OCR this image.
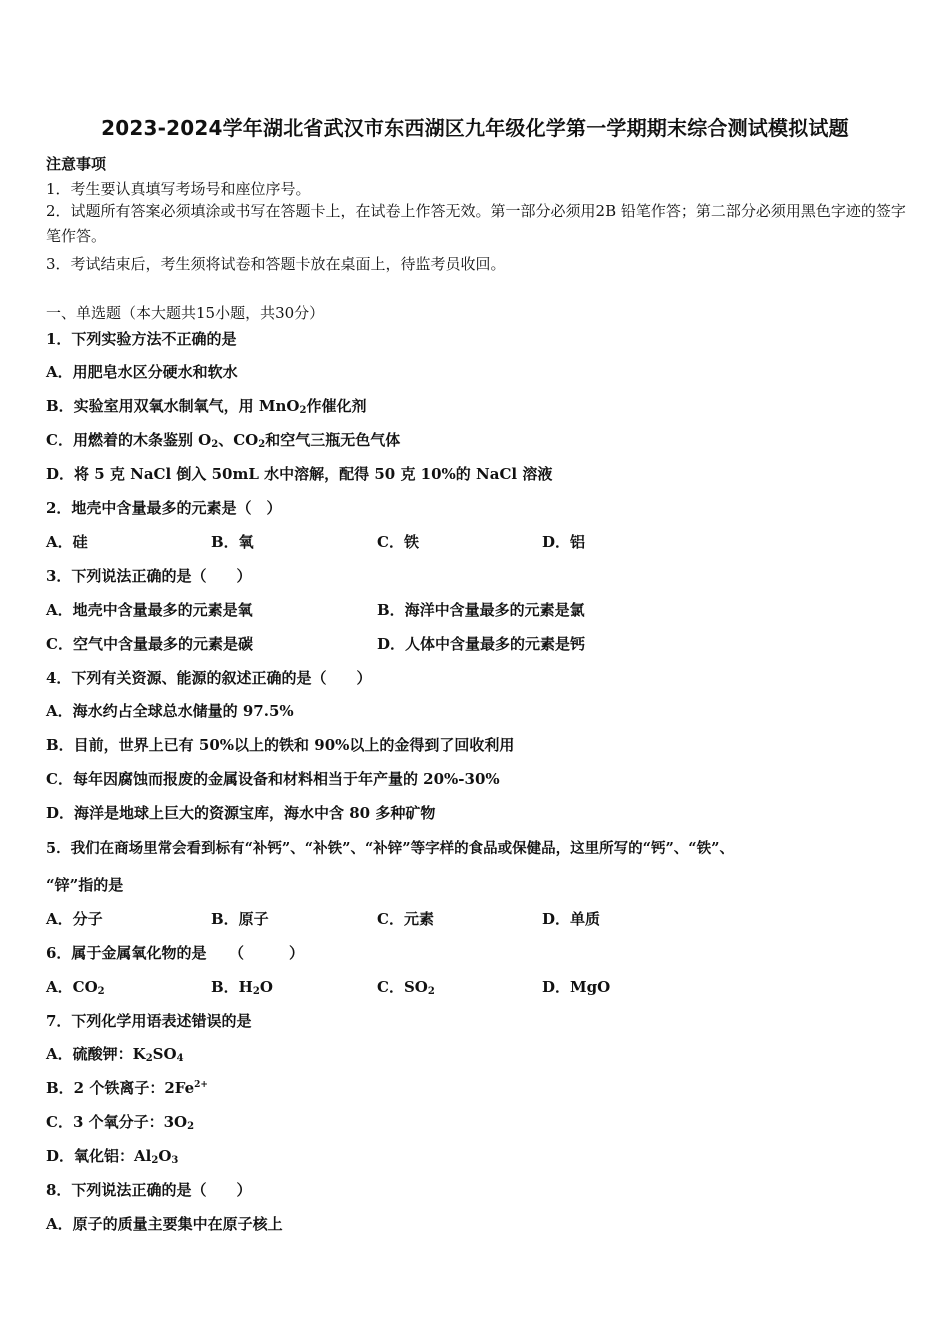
2023-2024学年湖北省武汉市东西湖区九年级化学第一学期期末综合测试模拟试题
注意事项
1．考生要认真填写考场号和座位序号。
2．试题所有答案必须填涂或书写在答题卡上，在试卷上作答无效。第一部分必须用2B 铅笔作答；第二部分必须用黑色字迹的签字笔作答。
3．考试结束后，考生须将试卷和答题卡放在桌面上，待监考员收回。
一、单选题（本大题共15小题，共30分）
1．下列实验方法不正确的是
A．用肥皂水区分硬水和软水
B．实验室用双氧水制氧气，用 MnO$_2$作催化剂
C．用燃着的木条鉴别 $O_2$、$CO_2$和空气三瓶无色气体
D．将 5 克 NaCl 倒入 50mL 水中溶解，配得 50 克 10%的 NaCl 溶液
2．地壳中含量最多的元素是（　）
A．硅	B．氧	C．铁	D．铝
3．下列说法正确的是（　　）
A．地壳中含量最多的元素是氧	B．海洋中含量最多的元素是氯
C．空气中含量最多的元素是碳	D．人体中含量最多的元素是钙
4．下列有关资源、能源的叙述正确的是（　　）
A．海水约占全球总水储量的 97.5%
B．目前，世界上已有 50%以上的铁和 90%以上的金得到了回收利用
C．每年因腐蚀而报废的金属设备和材料相当于年产量的 20%-30%
D．海洋是地球上巨大的资源宝库，海水中含 80 多种矿物
5．我们在商场里常会看到标有“补钙”、“补铁”、“补锌”等字样的食品或保健品，这里所写的“钙”、“铁”、
“锌”指的是
A．分子	B．原子	C．元素	D．单质
6．属于金属氧化物的是　　（　　　）
A．$CO_2$	B．$H_2O$	C．$SO_2$	D．MgO
7．下列化学用语表述错误的是
A．硫酸钾：$K_2SO_4$
B．2 个铁离子：$2Fe^{2+}$
C．3 个氧分子：$3O_2$
D．氧化铝：$Al_2O_3$
8．下列说法正确的是（　　）
A．原子的质量主要集中在原子核上
